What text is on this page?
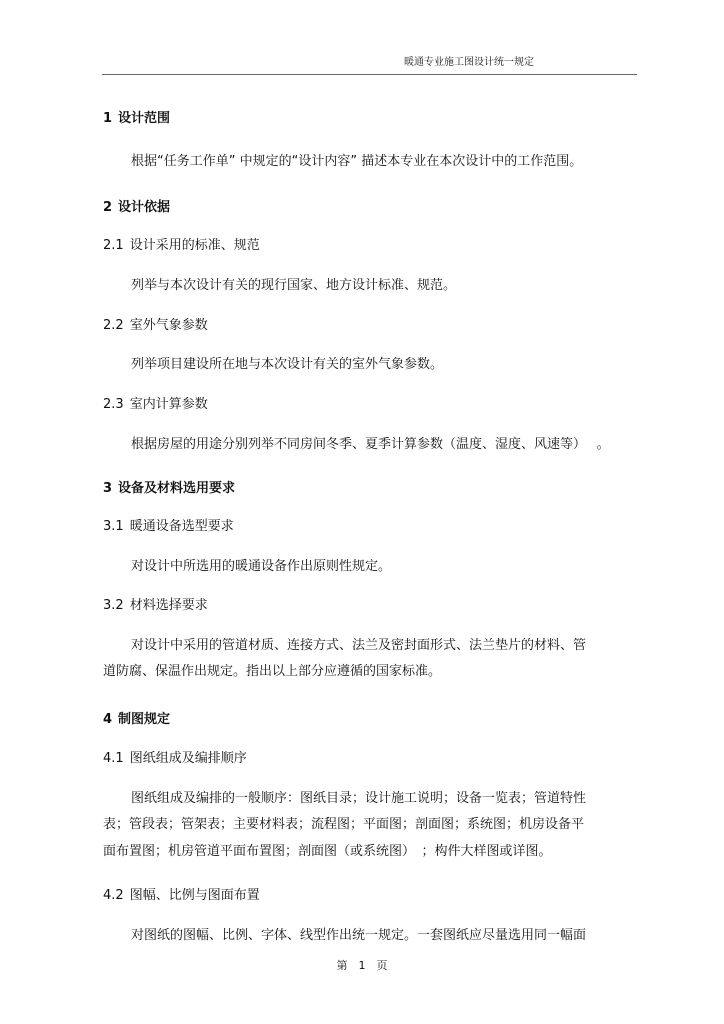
暖通专业施工图设计统一规定
1 设计范围
根据“任务工作单” 中规定的“设计内容” 描述本专业在本次设计中的工作范围。
2 设计依据
2.1 设计采用的标准、规范
列举与本次设计有关的现行国家、地方设计标准、规范。
2.2 室外气象参数
列举项目建设所在地与本次设计有关的室外气象参数。
2.3 室内计算参数
根据房屋的用途分别列举不同房间冬季、夏季计算参数（温度、湿度、风速等）　 。
3 设备及材料选用要求
3.1 暖通设备选型要求
对设计中所选用的暖通设备作出原则性规定。
3.2 材料选择要求
对设计中采用的管道材质、连接方式、法兰及密封面形式、法兰垫片的材料、管
道防腐、保温作出规定。指出以上部分应遵循的国家标准。
4 制图规定
4.1 图纸组成及编排顺序
图纸组成及编排的一般顺序：图纸目录；设计施工说明；设备一览表；管道特性
表；管段表；管架表；主要材料表；流程图；平面图；剖面图；系统图；机房设备平
面布置图；机房管道平面布置图；剖面图（或系统图）　；构件大样图或详图。
4.2 图幅、比例与图面布置
对图纸的图幅、比例、字体、线型作出统一规定。一套图纸应尽量选用同一幅面
第　1　页
